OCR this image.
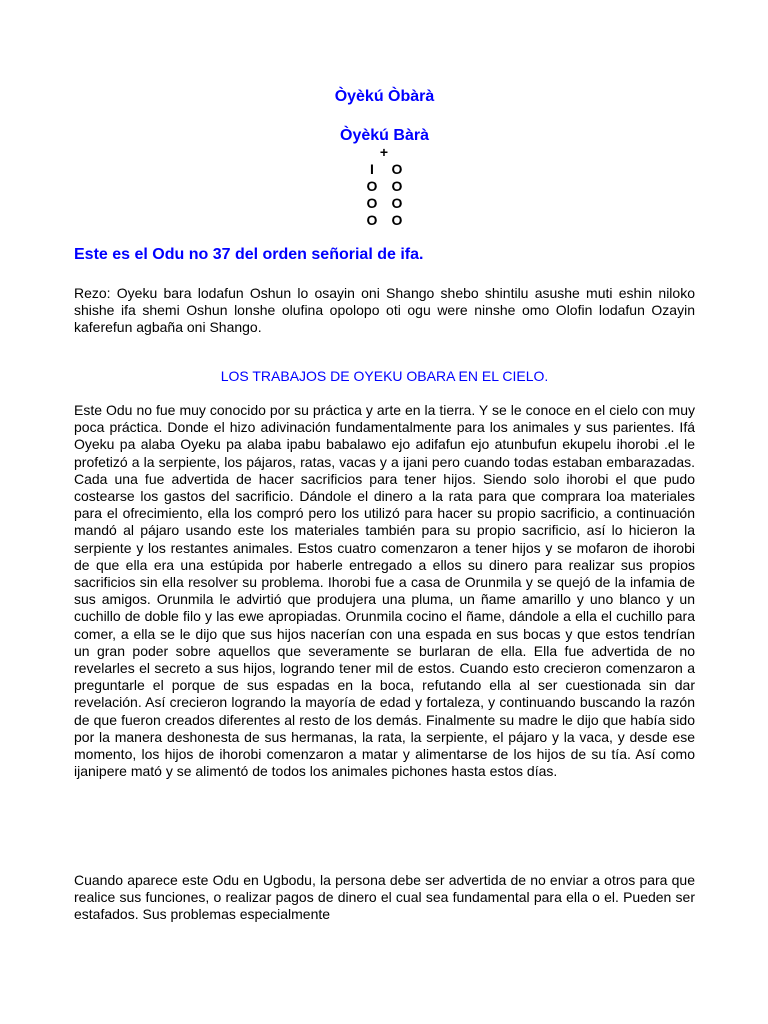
Òyèkú Òbàrà
Òyèkú Bàrà
+
I	O
O O
O O
O O
Este es el Odu no 37 del orden señorial de ifa.
Rezo: Oyeku bara lodafun Oshun lo osayin oni Shango shebo shintilu asushe muti eshin niloko shishe ifa shemi Oshun lonshe olufina opolopo oti ogu were ninshe omo Olofin lodafun Ozayin kaferefun agbaña oni Shango.
LOS TRABAJOS DE OYEKU OBARA EN EL CIELO.
Este Odu no fue muy conocido por su práctica y arte en la tierra. Y se le conoce en el cielo con muy poca práctica. Donde el hizo adivinación fundamentalmente para los animales y sus parientes. Ifá Oyeku pa alaba Oyeku pa alaba ipabu babalawo ejo adifafun ejo atunbufun ekupelu ihorobi .el le profetizó a la serpiente, los pájaros, ratas, vacas y a ijani pero cuando todas estaban embarazadas. Cada una fue advertida de hacer sacrificios para tener hijos. Siendo solo ihorobi el que pudo costearse los gastos del sacrificio. Dándole el dinero a la rata para que comprara loa materiales para el ofrecimiento, ella los compró pero los utilizó para hacer su propio sacrificio, a continuación mandó al pájaro usando este los materiales también para su propio sacrificio, así lo hicieron la serpiente y los restantes animales. Estos cuatro comenzaron a tener hijos y se mofaron de ihorobi de que ella era una estúpida por haberle entregado a ellos su dinero para realizar sus propios sacrificios sin ella resolver su problema. Ihorobi fue a casa de Orunmila y se quejó de la infamia de sus amigos. Orunmila le advirtió que produjera una pluma, un ñame amarillo y uno blanco y un cuchillo de doble filo y las ewe apropiadas. Orunmila cocino el ñame, dándole a ella el cuchillo para comer, a ella se le dijo que sus hijos nacerían con una espada en sus bocas y que estos tendrían un gran poder sobre aquellos que severamente se burlaran de ella. Ella fue advertida de no revelarles el secreto a sus hijos, logrando tener mil de estos. Cuando esto crecieron comenzaron a preguntarle el porque de sus espadas en la boca, refutando ella al ser cuestionada sin dar revelación. Así crecieron logrando la mayoría de edad y fortaleza, y continuando buscando la razón de que fueron creados diferentes al resto de los demás. Finalmente su madre le dijo que había sido por la manera deshonesta de sus hermanas, la rata, la serpiente, el pájaro y la vaca, y desde ese momento, los hijos de ihorobi comenzaron a matar y alimentarse de los hijos de su tía. Así como ijanipere mató y se alimentó de todos los animales pichones hasta estos días.
Cuando aparece este Odu en Ugbodu, la persona debe ser advertida de no enviar a otros para que realice sus funciones, o realizar pagos de dinero el cual sea fundamental para ella o el. Pueden ser estafados. Sus problemas especialmente
